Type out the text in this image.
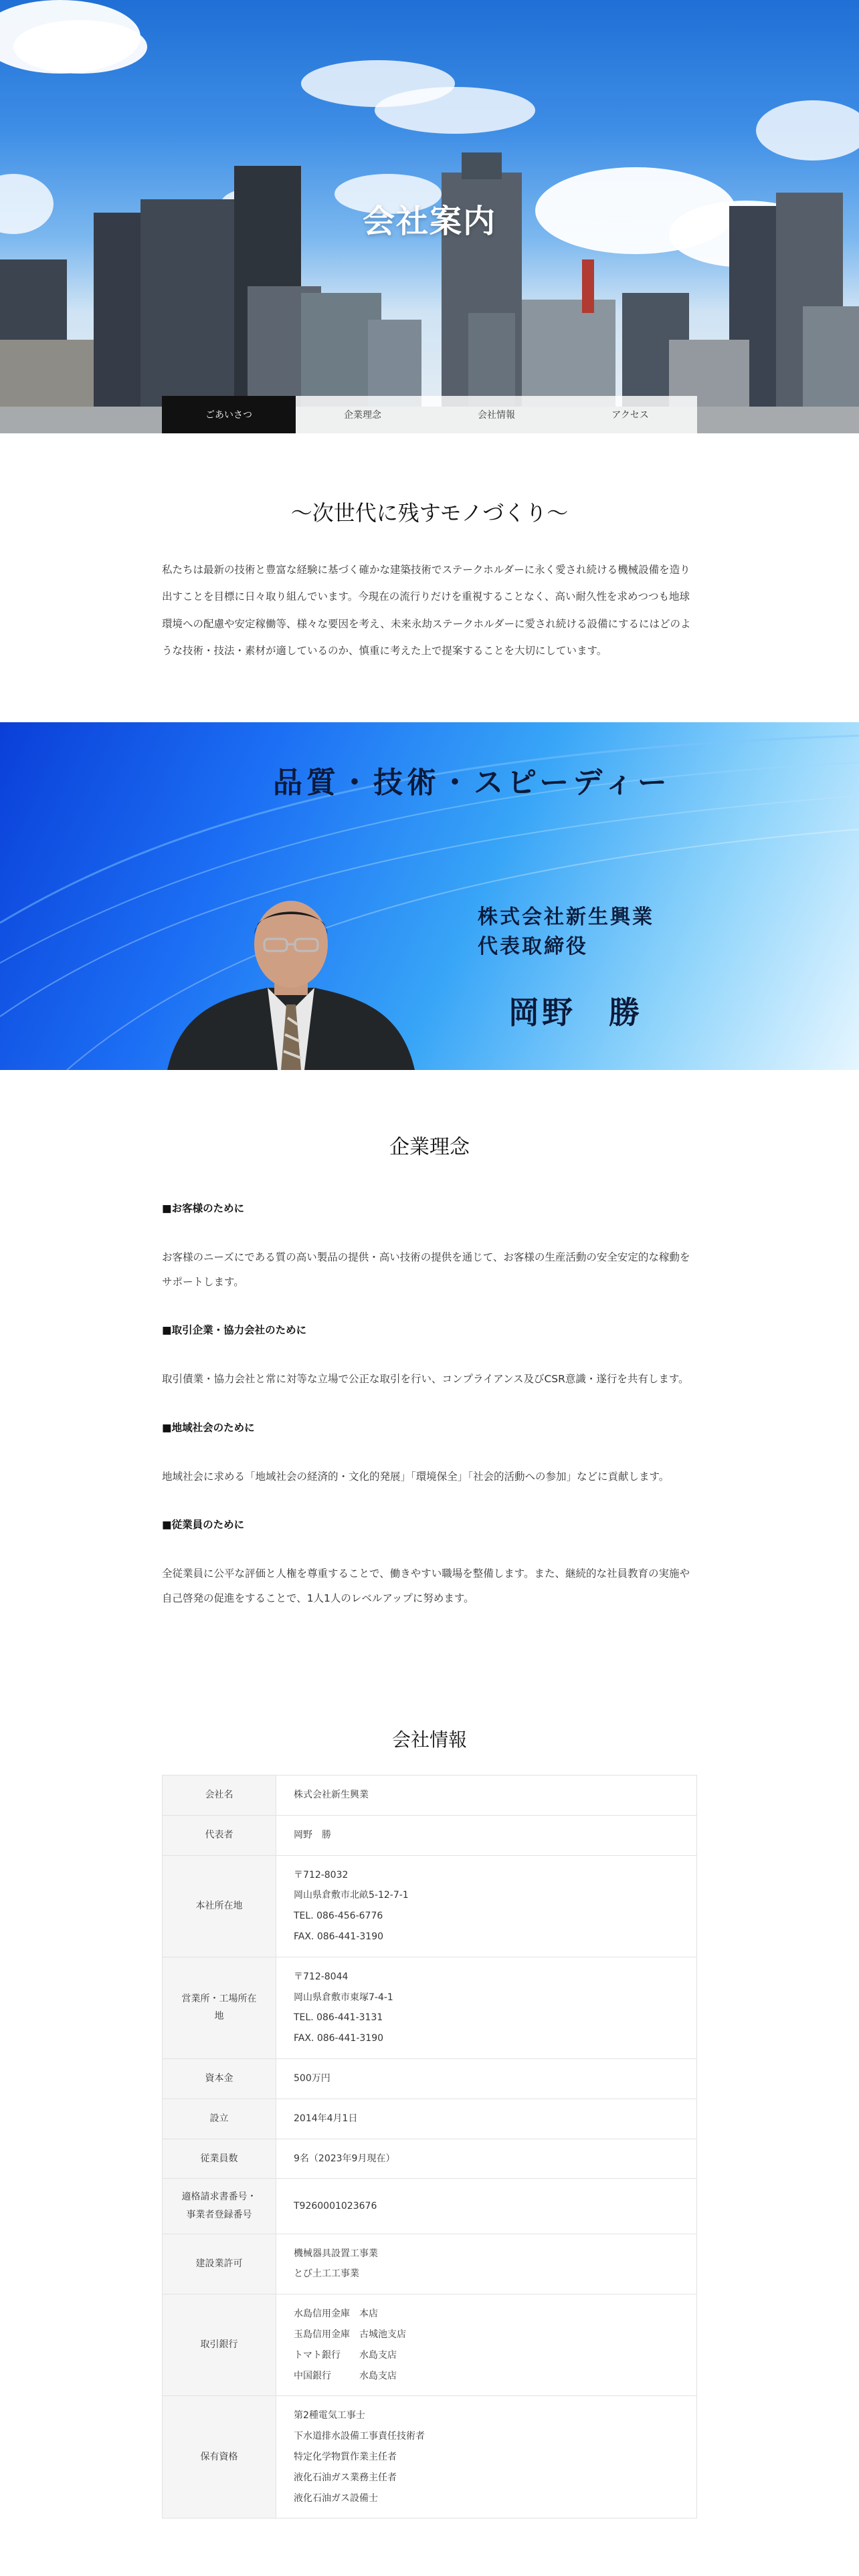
会社案内
ごあいさつ	企業理念	会社情報	アクセス
～次世代に残すモノづくり～

私たちは最新の技術と豊富な経験に基づく確かな建築技術でステークホルダーに永く愛され続ける機械設備を造り出すことを目標に日々取り組んでいます。今現在の流行りだけを重視することなく、高い耐久性を求めつつも地球環境への配慮や安定稼働等、様々な要因を考え、未来永劫ステークホルダーに愛され続ける設備にするにはどのような技術・技法・素材が適しているのか、慎重に考えた上で提案することを大切にしています。

品質・技術・スピーディー
株式会社新生興業
代表取締役
岡野　勝
企業理念
■お客様のために

お客様のニーズにである質の高い製品の提供・高い技術の提供を通じて、お客様の生産活動の安全安定的な稼動をサポートします。

■取引企業・協力会社のために

取引債業・協力会社と常に対等な立場で公正な取引を行い、コンプライアンス及びCSR意識・遂行を共有します。

■地域社会のために

地域社会に求める「地域社会の経済的・文化的発展」「環境保全」「社会的活動への参加」などに貢献します。

■従業員のために

全従業員に公平な評価と人権を尊重することで、働きやすい職場を整備します。また、継続的な社員教育の実施や自己啓発の促進をすることで、1人1人のレベルアップに努めます。

会社情報
会社名	株式会社新生興業

代表者	岡野　勝

本社所在地	〒712-8032
岡山県倉敷市北畝5-12-7-1
TEL. 086-456-6776
FAX. 086-441-3190

営業所・工場所在地	〒712-8044
岡山県倉敷市東塚7-4-1
TEL. 086-441-3131
FAX. 086-441-3190

資本金	500万円

設立	2014年4月1日

従業員数	9名（2023年9月現在）

適格請求書番号・事業者登録番号	T9260001023676

建設業許可	機械器具設置工事業
とび土工工事業

取引銀行	水島信用金庫　本店
玉島信用金庫　古城池支店
トマト銀行　　水島支店
中国銀行　　　水島支店

保有資格	第2種電気工事士
下水道排水設備工事責任技術者
特定化学物質作業主任者
液化石油ガス業務主任者
液化石油ガス設備士
